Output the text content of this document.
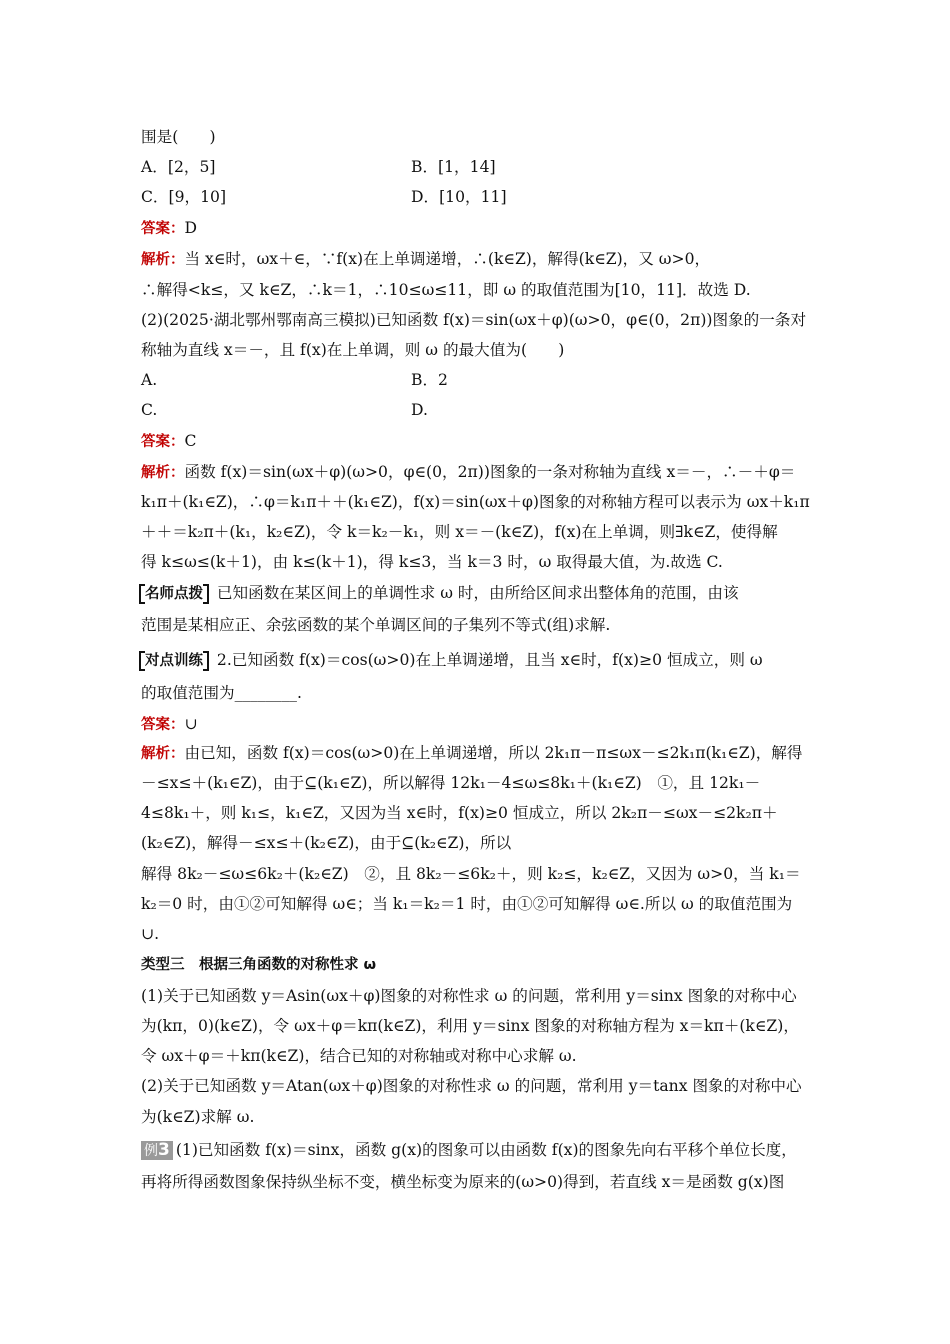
围是(　　)
A．[2，5]	B．[1，14]
C．[9，10]	D．[10，11]
答案：D
解析：当 x∈时，ωx＋∈，∵f(x)在上单调递增，∴(k∈Z)，解得(k∈Z)，又 ω>0，
∴解得<k≤，又 k∈Z，∴k＝1，∴10≤ω≤11，即 ω 的取值范围为[10，11]．故选 D.
(2)(2025·湖北鄂州鄂南高三模拟)已知函数 f(x)＝sin(ωx＋φ)(ω>0，φ∈(0，2π))图象的一条对
称轴为直线 x＝－，且 f(x)在上单调，则 ω 的最大值为(　　)
A.	B．2
C.	D.
答案：C
解析：函数 f(x)＝sin(ωx＋φ)(ω>0，φ∈(0，2π))图象的一条对称轴为直线 x＝－，∴－＋φ＝
k₁π＋(k₁∈Z)，∴φ＝k₁π＋＋(k₁∈Z)，f(x)＝sin(ωx＋φ)图象的对称轴方程可以表示为 ωx＋k₁π
＋＋＝k₂π＋(k₁，k₂∈Z)，令 k＝k₂－k₁，则 x＝－(k∈Z)，f(x)在上单调，则∃k∈Z，使得解
得 k≤ω≤(k＋1)，由 k≤(k＋1)，得 k≤3，当 k＝3 时，ω 取得最大值，为.故选 C.
名师点拨 已知函数在某区间上的单调性求 ω 时，由所给区间求出整体角的范围，由该
范围是某相应正、余弦函数的某个单调区间的子集列不等式(组)求解.
对点训练 2.已知函数 f(x)＝cos(ω>0)在上单调递增，且当 x∈时，f(x)≥0 恒成立，则 ω
的取值范围为________.
答案：∪
解析：由已知，函数 f(x)＝cos(ω>0)在上单调递增，所以 2k₁π－π≤ωx－≤2k₁π(k₁∈Z)，解得
－≤x≤＋(k₁∈Z)，由于⊆(k₁∈Z)，所以解得 12k₁－4≤ω≤8k₁＋(k₁∈Z)　①，且 12k₁－
4≤8k₁＋，则 k₁≤，k₁∈Z，又因为当 x∈时，f(x)≥0 恒成立，所以 2k₂π－≤ωx－≤2k₂π＋
(k₂∈Z)，解得－≤x≤＋(k₂∈Z)，由于⊆(k₂∈Z)，所以
解得 8k₂－≤ω≤6k₂＋(k₂∈Z)　②，且 8k₂－≤6k₂＋，则 k₂≤，k₂∈Z，又因为 ω>0，当 k₁＝
k₂＝0 时，由①②可知解得 ω∈；当 k₁＝k₂＝1 时，由①②可知解得 ω∈.所以 ω 的取值范围为
∪.
类型三　根据三角函数的对称性求 ω
(1)关于已知函数 y＝Asin(ωx＋φ)图象的对称性求 ω 的问题，常利用 y＝sinx 图象的对称中心
为(kπ，0)(k∈Z)，令 ωx＋φ＝kπ(k∈Z)，利用 y＝sinx 图象的对称轴方程为 x＝kπ＋(k∈Z)，
令 ωx＋φ＝＋kπ(k∈Z)，结合已知的对称轴或对称中心求解 ω.
(2)关于已知函数 y＝Atan(ωx＋φ)图象的对称性求 ω 的问题，常利用 y＝tanx 图象的对称中心
为(k∈Z)求解 ω.
例3 (1)已知函数 f(x)＝sinx，函数 g(x)的图象可以由函数 f(x)的图象先向右平移个单位长度，
再将所得函数图象保持纵坐标不变，横坐标变为原来的(ω>0)得到，若直线 x＝是函数 g(x)图
